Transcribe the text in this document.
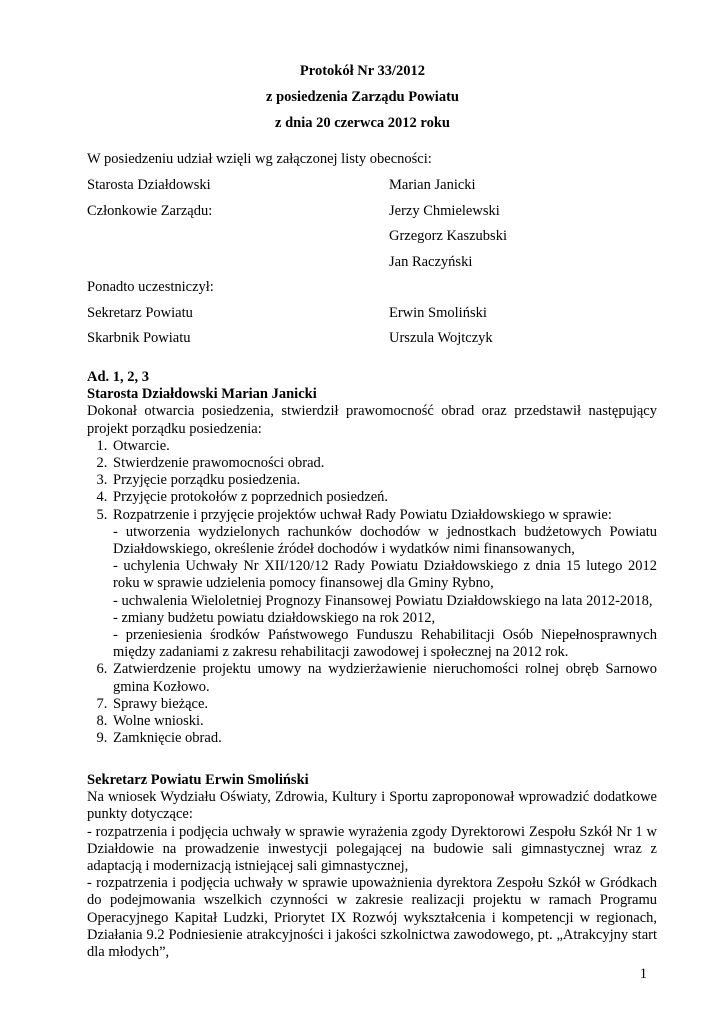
Protokół Nr 33/2012
z posiedzenia Zarządu Powiatu
z dnia 20 czerwca 2012 roku
W posiedzeniu udział wzięli wg załączonej listy obecności:
Starosta Działdowski	Marian Janicki
Członkowie Zarządu:	Jerzy Chmielewski
Grzegorz Kaszubski
Jan Raczyński
Ponadto uczestniczył:
Sekretarz Powiatu	Erwin Smoliński
Skarbnik Powiatu	Urszula Wojtczyk
Ad. 1, 2, 3
Starosta Działdowski Marian Janicki
Dokonał otwarcia posiedzenia, stwierdził prawomocność obrad oraz przedstawił następujący projekt porządku posiedzenia:
1. Otwarcie.
2. Stwierdzenie prawomocności obrad.
3. Przyjęcie porządku posiedzenia.
4. Przyjęcie protokołów z poprzednich posiedzeń.
5. Rozpatrzenie i przyjęcie projektów uchwał Rady Powiatu Działdowskiego w sprawie:
- utworzenia wydzielonych rachunków dochodów w jednostkach budżetowych Powiatu Działdowskiego, określenie źródeł dochodów i wydatków nimi finansowanych,
- uchylenia Uchwały Nr XII/120/12 Rady Powiatu Działdowskiego z dnia 15 lutego 2012 roku w sprawie udzielenia pomocy finansowej dla Gminy Rybno,
- uchwalenia Wieloletniej Prognozy Finansowej Powiatu Działdowskiego na lata 2012-2018,
- zmiany budżetu powiatu działdowskiego na rok 2012,
- przeniesienia środków Państwowego Funduszu Rehabilitacji Osób Niepełnosprawnych między zadaniami z zakresu rehabilitacji zawodowej i społecznej na 2012 rok.
6. Zatwierdzenie projektu umowy na wydzierżawienie nieruchomości rolnej obręb Sarnowo gmina Kozłowo.
7. Sprawy bieżące.
8. Wolne wnioski.
9. Zamknięcie obrad.
Sekretarz Powiatu Erwin Smoliński
Na wniosek Wydziału Oświaty, Zdrowia, Kultury i Sportu zaproponował wprowadzić dodatkowe punkty dotyczące:
- rozpatrzenia i podjęcia uchwały w sprawie wyrażenia zgody Dyrektorowi Zespołu Szkół Nr 1 w Działdowie na prowadzenie inwestycji polegającej na budowie sali gimnastycznej wraz z adaptacją i modernizacją istniejącej sali gimnastycznej,
- rozpatrzenia i podjęcia uchwały w sprawie upoważnienia dyrektora Zespołu Szkół w Gródkach do podejmowania wszelkich czynności w zakresie realizacji projektu w ramach Programu Operacyjnego Kapitał Ludzki, Priorytet IX Rozwój wykształcenia i kompetencji w regionach, Działania 9.2 Podniesienie atrakcyjności i jakości szkolnictwa zawodowego, pt. „Atrakcyjny start dla młodych”,
1
